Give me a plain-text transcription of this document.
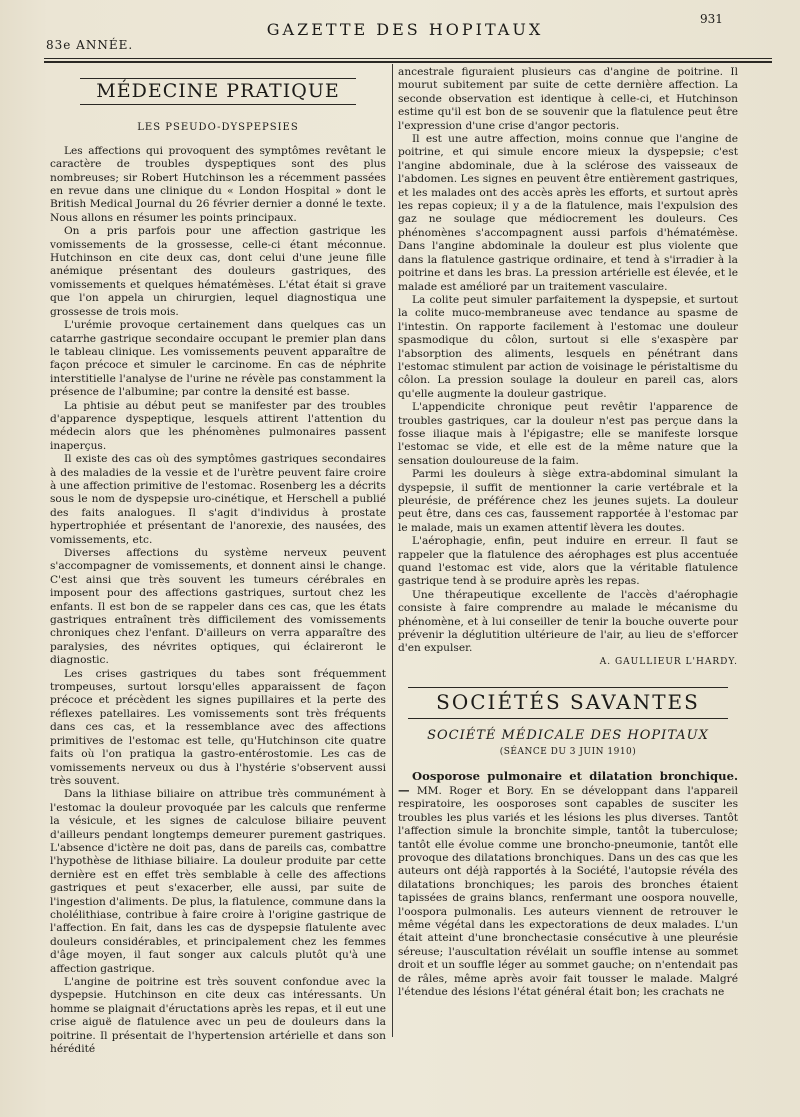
83e ANNÉE.
GAZETTE DES HOPITAUX
931
MÉDECINE PRATIQUE
LES PSEUDO-DYSPEPSIES

Les affections qui provoquent des symptômes revêtant le caractère de troubles dyspeptiques sont des plus nombreuses; sir Robert Hutchinson les a récemment passées en revue dans une clinique du « London Hospital » dont le British Medical Journal du 26 février dernier a donné le texte. Nous allons en résumer les points principaux.

On a pris parfois pour une affection gastrique les vomissements de la grossesse, celle-ci étant méconnue. Hutchinson en cite deux cas, dont celui d'une jeune fille anémique présentant des douleurs gastriques, des vomissements et quelques hématémèses. L'état était si grave que l'on appela un chirurgien, lequel diagnostiqua une grossesse de trois mois.

L'urémie provoque certainement dans quelques cas un catarrhe gastrique secondaire occupant le premier plan dans le tableau clinique. Les vomissements peuvent apparaître de façon précoce et simuler le carcinome. En cas de néphrite interstitielle l'analyse de l'urine ne révèle pas constamment la présence de l'albumine; par contre la densité est basse.

La phtisie au début peut se manifester par des troubles d'apparence dyspeptique, lesquels attirent l'attention du médecin alors que les phénomènes pulmonaires passent inaperçus.

Il existe des cas où des symptômes gastriques secondaires à des maladies de la vessie et de l'urètre peuvent faire croire à une affection primitive de l'estomac. Rosenberg les a décrits sous le nom de dyspepsie uro-cinétique, et Herschell a publié des faits analogues. Il s'agit d'individus à prostate hypertrophiée et présentant de l'anorexie, des nausées, des vomissements, etc.

Diverses affections du système nerveux peuvent s'accompagner de vomissements, et donnent ainsi le change. C'est ainsi que très souvent les tumeurs cérébrales en imposent pour des affections gastriques, surtout chez les enfants. Il est bon de se rappeler dans ces cas, que les états gastriques entraînent très difficilement des vomissements chroniques chez l'enfant. D'ailleurs on verra apparaître des paralysies, des névrites optiques, qui éclaireront le diagnostic.

Les crises gastriques du tabes sont fréquemment trompeuses, surtout lorsqu'elles apparaissent de façon précoce et précèdent les signes pupillaires et la perte des réflexes patellaires. Les vomissements sont très fréquents dans ces cas, et la ressemblance avec des affections primitives de l'estomac est telle, qu'Hutchinson cite quatre faits où l'on pratiqua la gastro-entérostomie. Les cas de vomissements nerveux ou dus à l'hystérie s'observent aussi très souvent.

Dans la lithiase biliaire on attribue très communément à l'estomac la douleur provoquée par les calculs que renferme la vésicule, et les signes de calculose biliaire peuvent d'ailleurs pendant longtemps demeurer purement gastriques. L'absence d'ictère ne doit pas, dans de pareils cas, combattre l'hypothèse de lithiase biliaire. La douleur produite par cette dernière est en effet très semblable à celle des affections gastriques et peut s'exacerber, elle aussi, par suite de l'ingestion d'aliments. De plus, la flatulence, commune dans la cholélithiase, contribue à faire croire à l'origine gastrique de l'affection. En fait, dans les cas de dyspepsie flatulente avec douleurs considérables, et principalement chez les femmes d'âge moyen, il faut songer aux calculs plutôt qu'à une affection gastrique.

L'angine de poitrine est très souvent confondue avec la dyspepsie. Hutchinson en cite deux cas intéressants. Un homme se plaignait d'éructations après les repas, et il eut une crise aiguë de flatulence avec un peu de douleurs dans la poitrine. Il présentait de l'hypertension artérielle et dans son hérédité

ancestrale figuraient plusieurs cas d'angine de poitrine. Il mourut subitement par suite de cette dernière affection. La seconde observation est identique à celle-ci, et Hutchinson estime qu'il est bon de se souvenir que la flatulence peut être l'expression d'une crise d'angor pectoris.

Il est une autre affection, moins connue que l'angine de poitrine, et qui simule encore mieux la dyspepsie; c'est l'angine abdominale, due à la sclérose des vaisseaux de l'abdomen. Les signes en peuvent être entièrement gastriques, et les malades ont des accès après les efforts, et surtout après les repas copieux; il y a de la flatulence, mais l'expulsion des gaz ne soulage que médiocrement les douleurs. Ces phénomènes s'accompagnent aussi parfois d'hématémèse. Dans l'angine abdominale la douleur est plus violente que dans la flatulence gastrique ordinaire, et tend à s'irradier à la poitrine et dans les bras. La pression artérielle est élevée, et le malade est amélioré par un traitement vasculaire.

La colite peut simuler parfaitement la dyspepsie, et surtout la colite muco-membraneuse avec tendance au spasme de l'intestin. On rapporte facilement à l'estomac une douleur spasmodique du côlon, surtout si elle s'exaspère par l'absorption des aliments, lesquels en pénétrant dans l'estomac stimulent par action de voisinage le péristaltisme du côlon. La pression soulage la douleur en pareil cas, alors qu'elle augmente la douleur gastrique.

L'appendicite chronique peut revêtir l'apparence de troubles gastriques, car la douleur n'est pas perçue dans la fosse iliaque mais à l'épigastre; elle se manifeste lorsque l'estomac se vide, et elle est de la même nature que la sensation douloureuse de la faim.

Parmi les douleurs à siège extra-abdominal simulant la dyspepsie, il suffit de mentionner la carie vertébrale et la pleurésie, de préférence chez les jeunes sujets. La douleur peut être, dans ces cas, faussement rapportée à l'estomac par le malade, mais un examen attentif lèvera les doutes.

L'aérophagie, enfin, peut induire en erreur. Il faut se rappeler que la flatulence des aérophages est plus accentuée quand l'estomac est vide, alors que la véritable flatulence gastrique tend à se produire après les repas.

Une thérapeutique excellente de l'accès d'aérophagie consiste à faire comprendre au malade le mécanisme du phénomène, et à lui conseiller de tenir la bouche ouverte pour prévenir la déglutition ultérieure de l'air, au lieu de s'efforcer d'en expulser.

A. GAULLIEUR L'HARDY.
SOCIÉTÉS SAVANTES
SOCIÉTÉ MÉDICALE DES HOPITAUX
(SÉANCE DU 3 JUIN 1910)

Oosporose pulmonaire et dilatation bronchique. — MM. Roger et Bory. En se développant dans l'appareil respiratoire, les oosporoses sont capables de susciter les troubles les plus variés et les lésions les plus diverses. Tantôt l'affection simule la bronchite simple, tantôt la tuberculose; tantôt elle évolue comme une broncho-pneumonie, tantôt elle provoque des dilatations bronchiques. Dans un des cas que les auteurs ont déjà rapportés à la Société, l'autopsie révéla des dilatations bronchiques; les parois des bronches étaient tapissées de grains blancs, renfermant une oospora nouvelle, l'oospora pulmonalis. Les auteurs viennent de retrouver le même végétal dans les expectorations de deux malades. L'un était atteint d'une bronchectasie consécutive à une pleurésie séreuse; l'auscultation révélait un souffle intense au sommet droit et un souffle léger au sommet gauche; on n'entendait pas de râles, même après avoir fait tousser le malade. Malgré l'étendue des lésions l'état général était bon; les crachats ne
